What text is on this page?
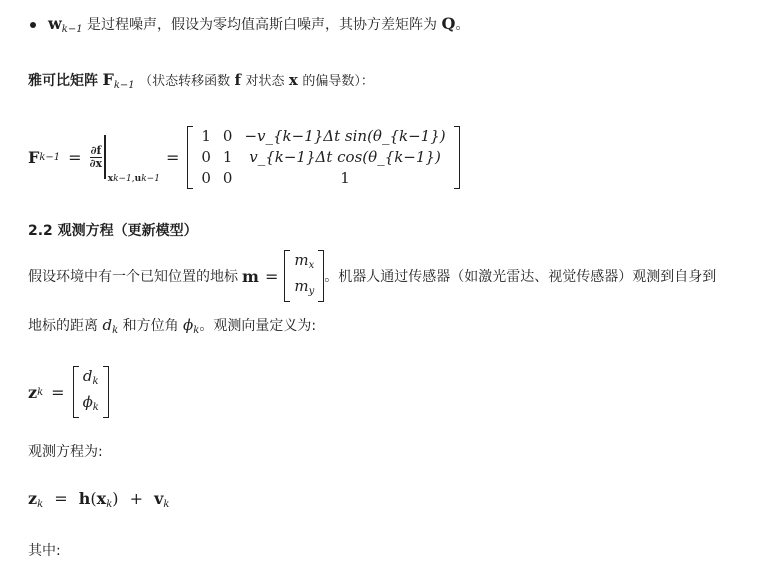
$w_{k-1}$ 是过程噪声，假设为零均值高斯白噪声，其协方差矩阵为 Q。
雅可比矩阵 $F_{k-1}$ （状态转移函数 f 对状态 x 的偏导数）：
F $k-1 = \frac{\partial f}{\partial x}$
xk−1,uk−1
=
1	0	−v_{k−1}Δt sin(θ_{k−1})
0	1	v_{k−1}Δt cos(θ_{k−1})
0	0	1
2.2 观测方程（更新模型）
假设环境中有一个已知位置的地标 m =
$m_x$
$m_y$
。机器人通过传感器（如激光雷达、视觉传感器）观测到自身到
地标的距离 $d_k$ 和方位角 $\phi_k$。观测向量定义为:
z k =
$d_k$
$\phi_k$
观测方程为:
$z_k = h(x_k) + v_k$
其中:
